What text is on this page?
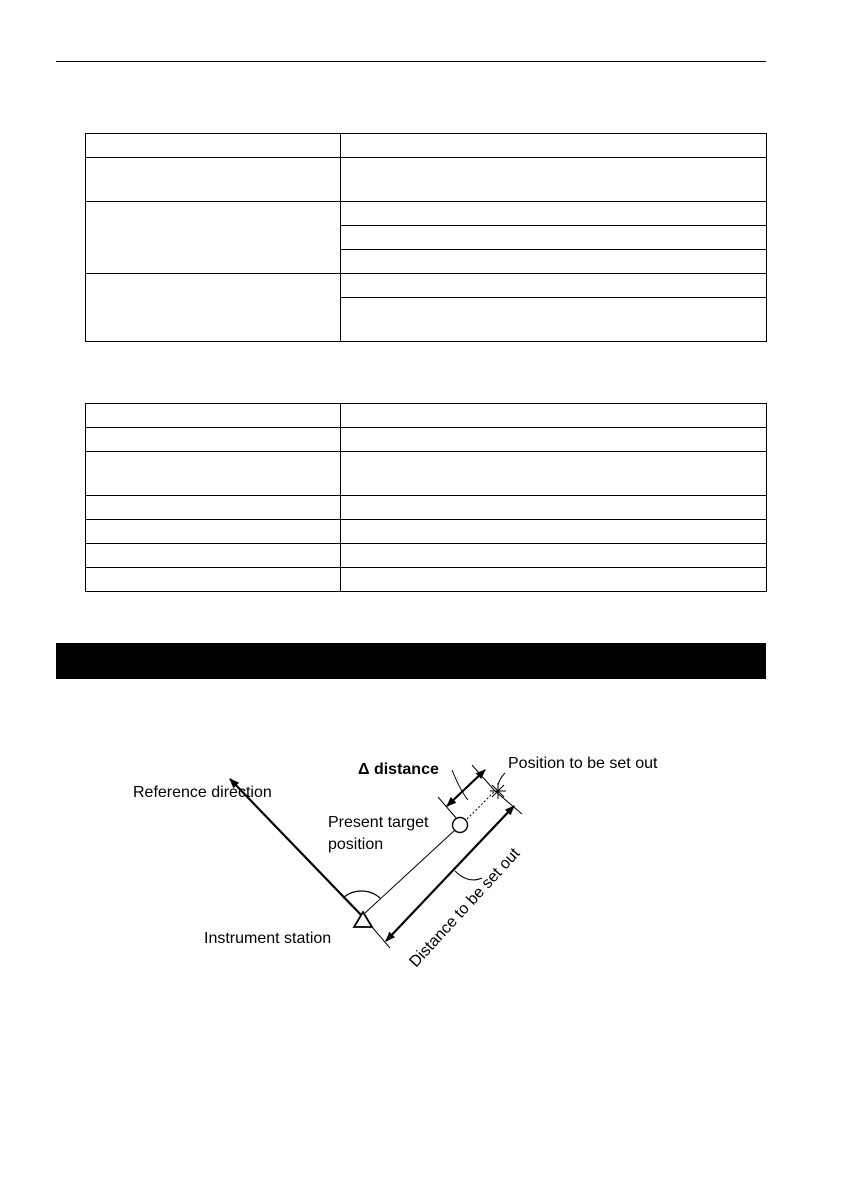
Δ distance	Position to be set out
Reference direction
Present target
position
Instrument station	Distance to be set out
